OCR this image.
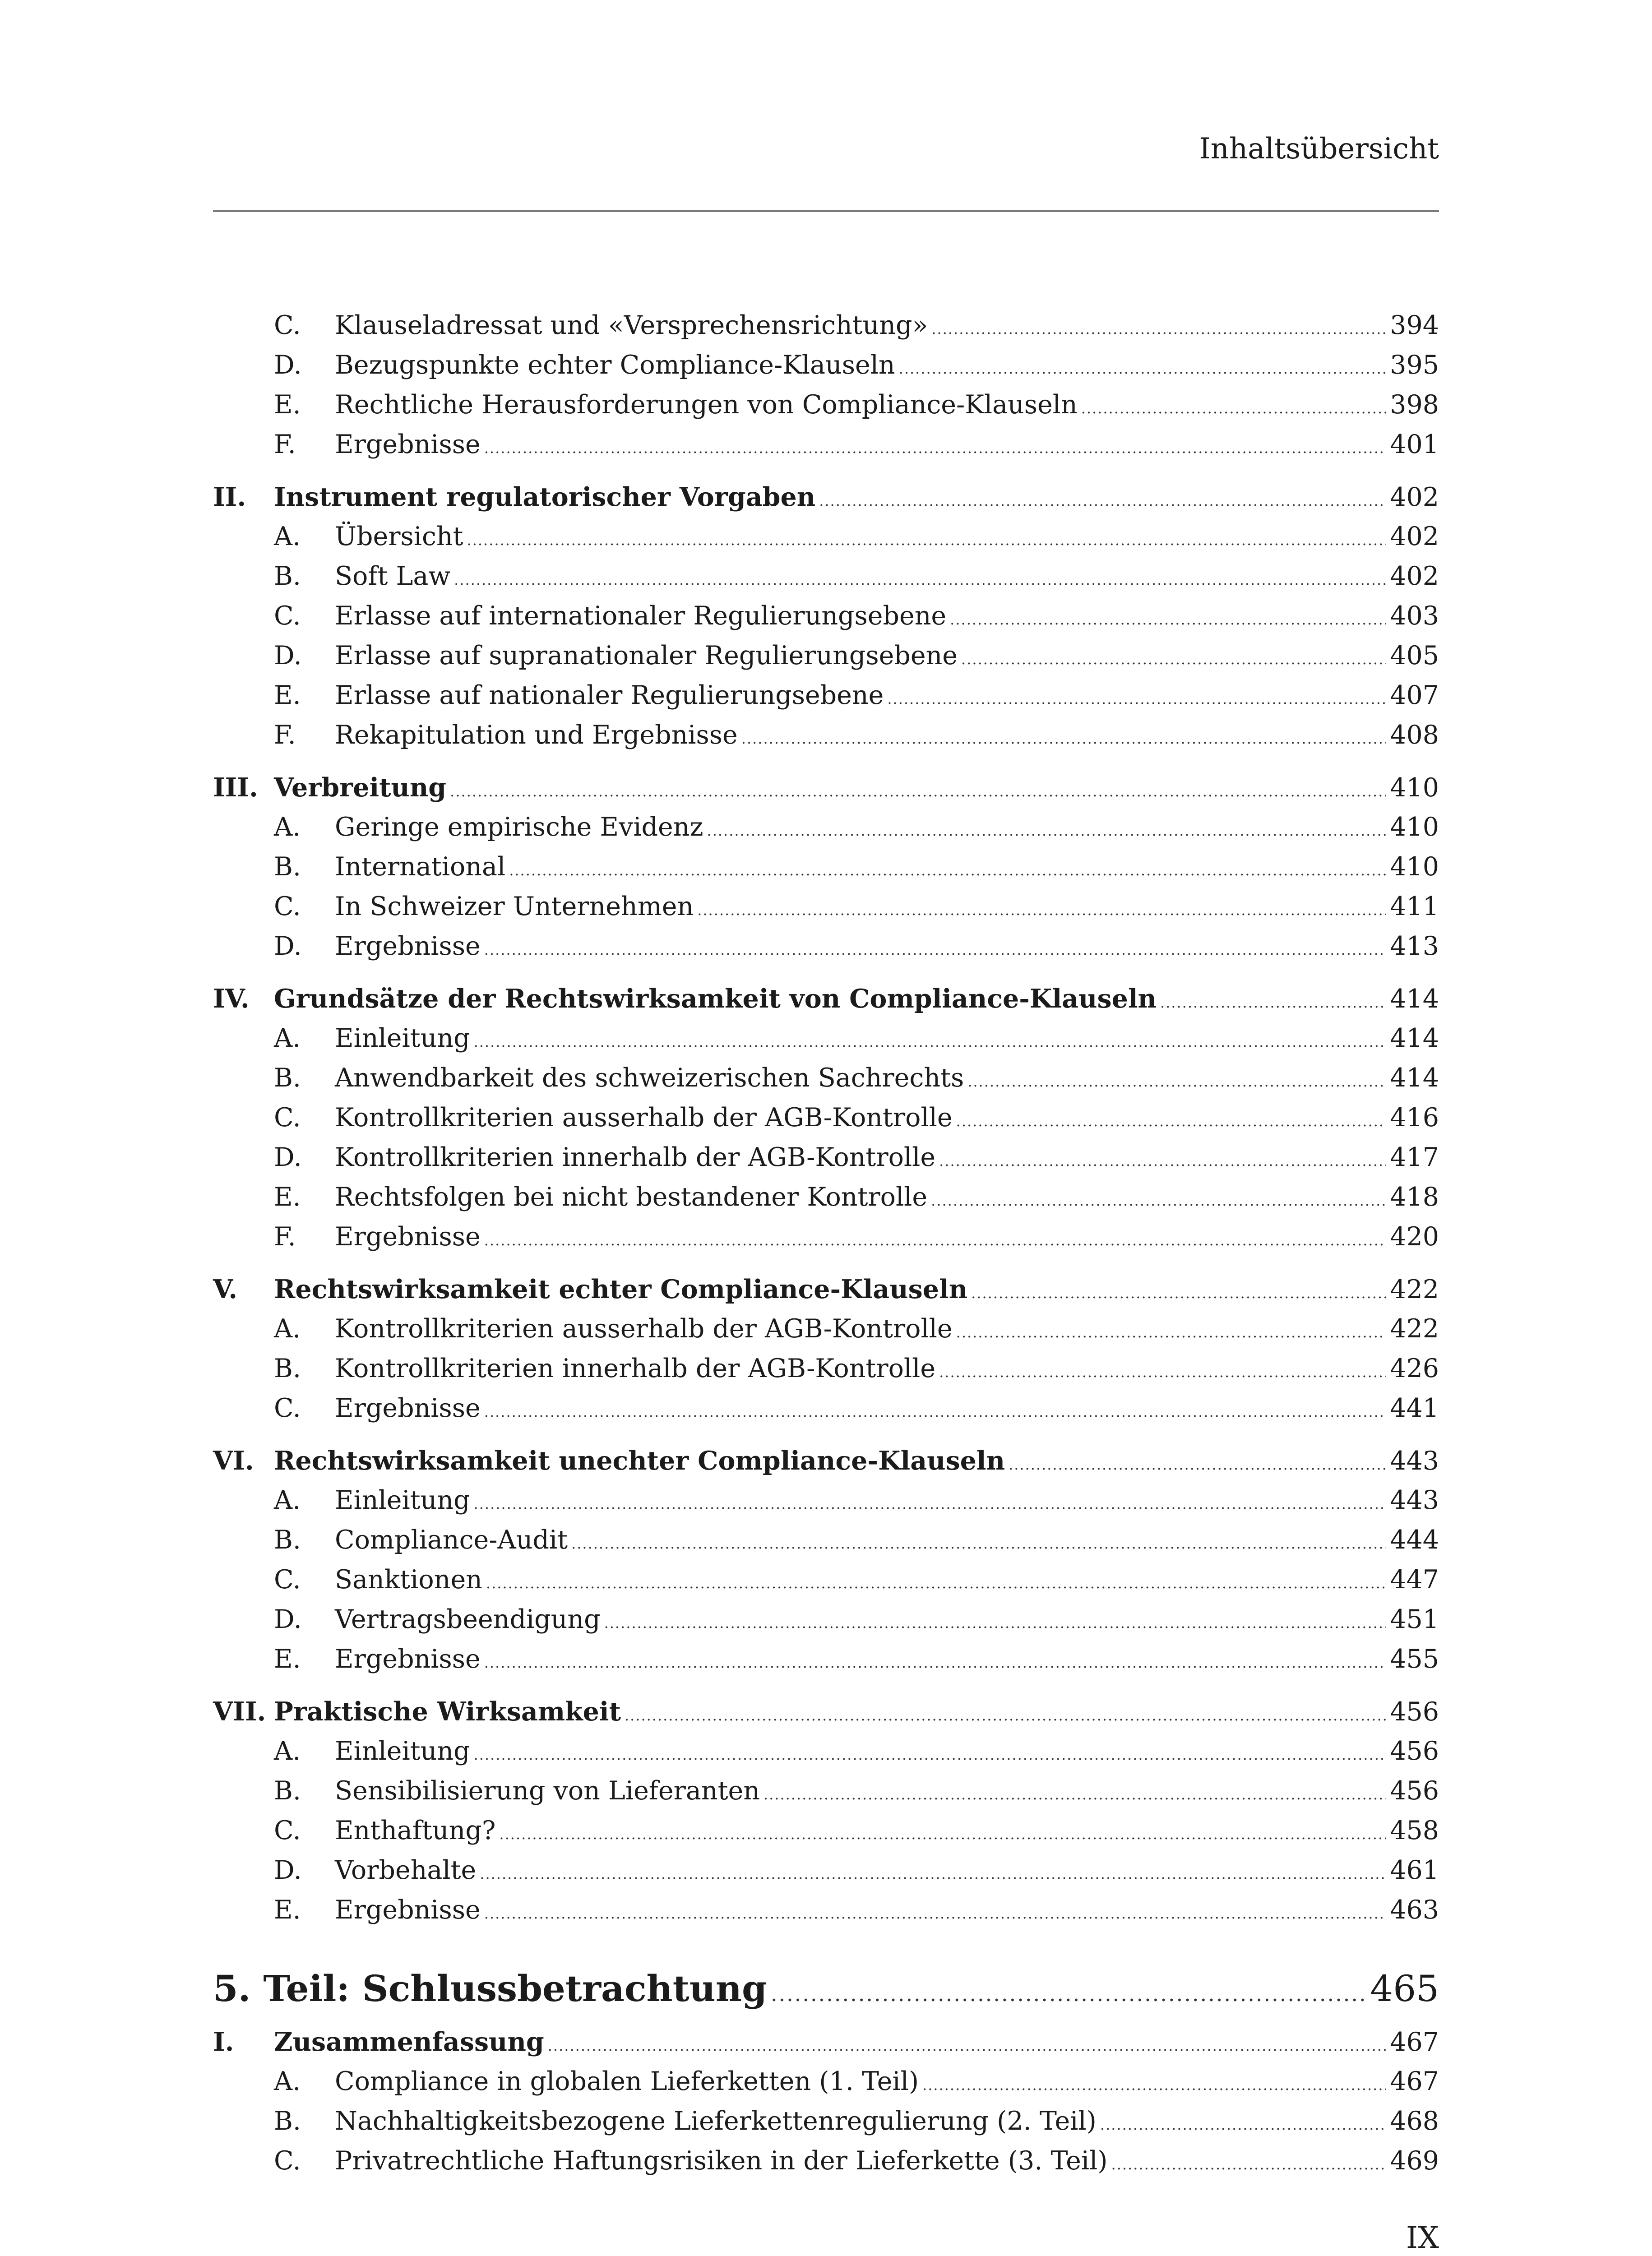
Inhaltsübersicht
C.	Klauseladressat und «Versprechensrichtung» .....	394
D.	Bezugspunkte echter Compliance-Klauseln .....	395
E.	Rechtliche Herausforderungen von Compliance-Klauseln .....	398
F.	Ergebnisse .....	401
II.	Instrument regulatorischer Vorgaben .....	402
A.	Übersicht .....	402
B.	Soft Law .....	402
C.	Erlasse auf internationaler Regulierungsebene .....	403
D.	Erlasse auf supranationaler Regulierungsebene .....	405
E.	Erlasse auf nationaler Regulierungsebene .....	407
F.	Rekapitulation und Ergebnisse .....	408
III. Verbreitung .....	410
A.	Geringe empirische Evidenz .....	410
B.	International .....	410
C.	In Schweizer Unternehmen .....	411
D.	Ergebnisse .....	413
IV. Grundsätze der Rechtswirksamkeit von Compliance-Klauseln .....	414
A.	Einleitung .....	414
B.	Anwendbarkeit des schweizerischen Sachrechts .....	414
C.	Kontrollkriterien ausserhalb der AGB-Kontrolle .....	416
D.	Kontrollkriterien innerhalb der AGB-Kontrolle .....	417
E.	Rechtsfolgen bei nicht bestandener Kontrolle .....	418
F.	Ergebnisse .....	420
V.	Rechtswirksamkeit echter Compliance-Klauseln .....	422
A.	Kontrollkriterien ausserhalb der AGB-Kontrolle .....	422
B.	Kontrollkriterien innerhalb der AGB-Kontrolle .....	426
C.	Ergebnisse .....	441
VI. Rechtswirksamkeit unechter Compliance-Klauseln .....	443
A.	Einleitung .....	443
B.	Compliance-Audit .....	444
C.	Sanktionen .....	447
D.	Vertragsbeendigung .....	451
E.	Ergebnisse .....	455
VII. Praktische Wirksamkeit .....	456
A.	Einleitung .....	456
B.	Sensibilisierung von Lieferanten .....	456
C.	Enthaftung? .....	458
D.	Vorbehalte .....	461
E.	Ergebnisse .....	463
5. Teil: Schlussbetrachtung .....	465
I.	Zusammenfassung .....	467
A.	Compliance in globalen Lieferketten (1. Teil) .....	467
B.	Nachhaltigkeitsbezogene Lieferkettenregulierung (2. Teil) .....	468
C.	Privatrechtliche Haftungsrisiken in der Lieferkette (3. Teil) .....	469
IX
